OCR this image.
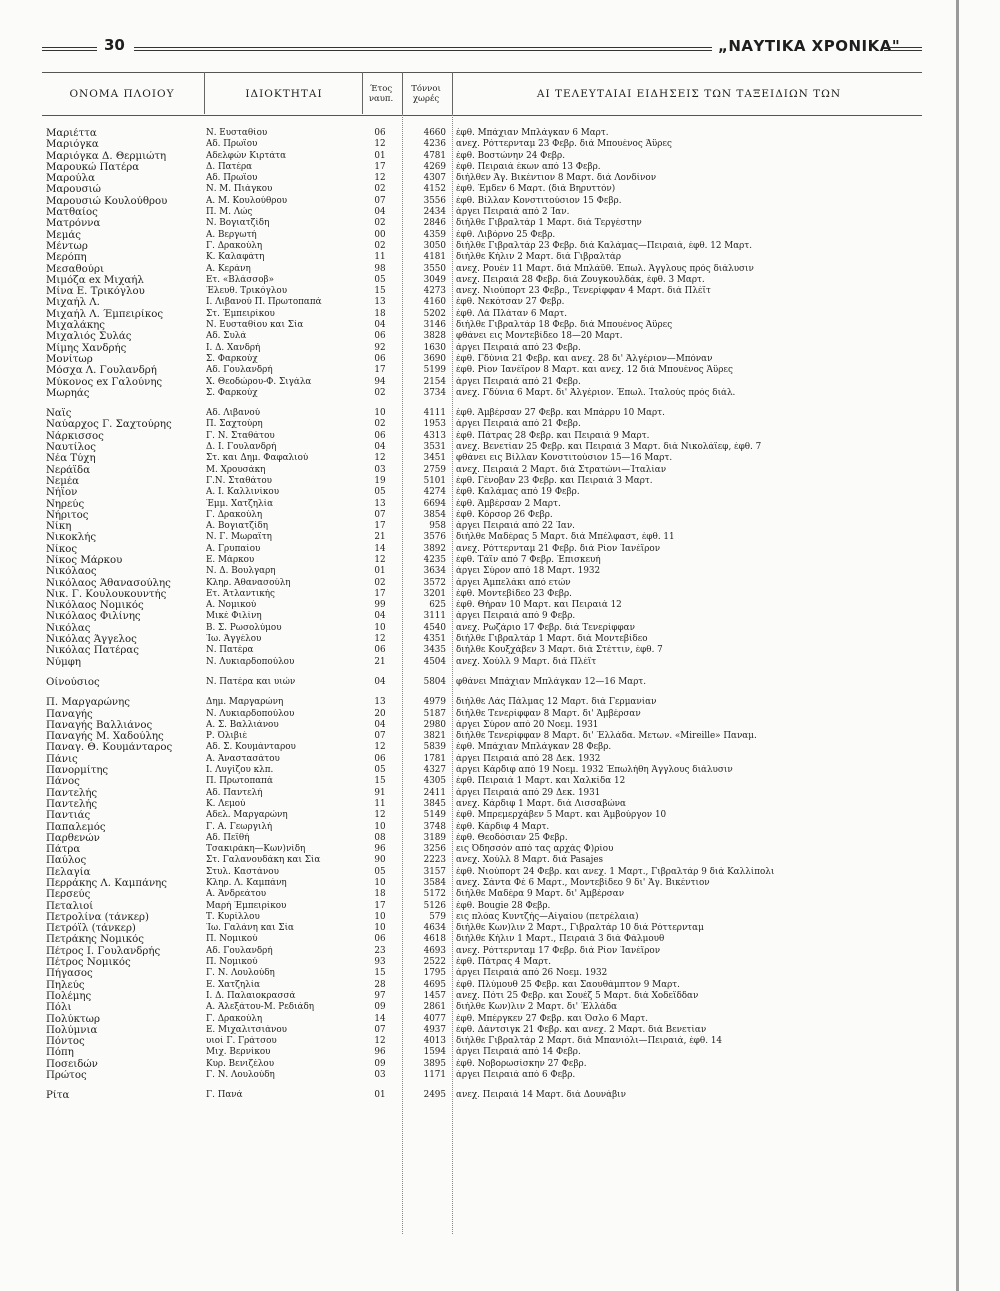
30	„ΝΑΥΤΙΚΑ ΧΡΟΝΙΚΑ"
ΟΝΟΜΑ ΠΛΟΙΟΥ	ΙΔΙΟΚΤΗΤΑΙ	Έτος
ναυπ.
Τόννοι
χωρές	ΑΙ ΤΕΛΕΥΤΑΙΑΙ ΕΙΔΗΣΕΙΣ ΤΩΝ ΤΑΞΕΙΔΙΩΝ ΤΩΝ
Μαριέττα	Ν. Ευσταθίου	06	4660 έφθ. Μπάχιαν Μπλάγκαν 6 Μαρτ.
Μαριόγκα	Αδ. Πρωΐου	12	4236 ανεχ. Ρόττερνταμ 23 Φεβρ. διά Μπουένος Άϋρες
Μαριόγκα Δ. Θερμιώτη	Αδελφών Κιρτάτα	01	4781 έφθ. Βοστώνην 24 Φεβρ.
Μαρουκώ Πατέρα	Δ. Πατέρα	17	4269 έφθ. Πειραιά έκων από 13 Φεβρ.
Μαρούλα	Αδ. Πρωΐου	12	4307 διήλθεν Άγ. Βικέντιον 8 Μαρτ. διά Λονδίνον
Μαρουσιώ	Ν. Μ. Πιάγκου	02	4152 έφθ. Έμδεν 6 Μαρτ. (διά Βηρυττόν)
Μαρουσιώ Κουλούθρου	Α. Μ. Κουλούθρου	07	3556 έφθ. Βίλλαν Κονστιτούσιον 15 Φεβρ.
Ματθαίος	Π. Μ. Λώς	04	2434 άργει Πειραιά από 2 Ίαν.
Ματρόννα	Ν. Βογιατζίδη	02	2846 διήλθε Γιβραλτάρ 1 Μαρτ. διά Τεργέστην
Μεμάς	Α. Βεργωτή	00	4359 έφθ. Λιβόρνο 25 Φεβρ.
Μέντωρ	Γ. Δρακούλη	02	3050 διήλθε Γιβραλτάρ 23 Φεβρ. διά Καλάμας—Πειραιά, έφθ. 12 Μαρτ.
Μερόπη	Κ. Καλαφάτη	11	4181 διήλθε Κήλιν 2 Μαρτ. διά Γιβραλτάρ
Μεσαθούρι	Α. Κεράνη	98	3550 ανεχ. Ρουέν 11 Μαρτ. διά Μπλάϋθ. Έπωλ. Άγγλους πρός διάλυσιν
Μιμόζα ex Μιχαήλ	Ετ. «Βλάσσοβ»	05	3049 ανεχ. Πειραιά 28 Φεβρ. διά Ζουγκουλδάκ, έφθ. 3 Μαρτ.
Μίνα Ε. Τρικόγλου	Έλευθ. Τρικόγλου	15	4273 ανεχ. Νιούπορτ 23 Φεβρ., Τενερίφφαν 4 Μαρτ. διά Πλέϊτ
Μιχαήλ Λ.	Ι. Λιβανού Π. Πρωτοπαπά	13	4160 έφθ. Νεκότσαν 27 Φεβρ.
Μιχαήλ Λ. Έμπειρίκος	Στ. Έμπειρίκου	18	5202 έφθ. Λά Πλάταν 6 Μαρτ.
Μιχαλάκης	Ν. Ευσταθίου και Σία	04	3146 διήλθε Γιβραλτάρ 18 Φεβρ. διά Μπουένος Άϋρες
Μιχαλιός Συλάς	Αδ. Συλά	06	3828 φθάνει εις Μοντεβίδεο 18—20 Μαρτ.
Μίμης Χανδρής	Ι. Δ. Χανδρή	92	1630 άργει Πειραιά από 23 Φεβρ.
Μονίτωρ	Σ. Φαρκούχ	06	3690 έφθ. Γδύνια 21 Φεβρ. και ανεχ. 28 δι' Άλγέριον—Μπόναν
Μόσχα Λ. Γουλανδρή	Αδ. Γουλανδρή	17	5199 έφθ. Ρίον Ίανέϊρον 8 Μαρτ. και ανεχ. 12 διά Μπουένος Άϋρες
Μύκονος ex Γαλούνης	Χ. Θεοδώρου-Φ. Σιγάλα	94	2154 άργει Πειραιά από 21 Φεβρ.
Μωρηάς	Σ. Φαρκούχ	02	3734 ανεχ. Γδύνια 6 Μαρτ. δι' Άλγέριον. Έπωλ. Ίταλούς πρός διάλ.
Ναΐς	Αδ. Λιβανού	10	4111 έφθ. Άμβέρσαν 27 Φεβρ. και Μπάρρυ 10 Μαρτ.
Ναύαρχος Γ. Σαχτούρης	Π. Σαχτούρη	02	1953 άργει Πειραιά από 21 Φεβρ.
Νάρκισσος	Γ. Ν. Σταθάτου	06	4313 έφθ. Πάτρας 28 Φεβρ. και Πειραιά 9 Μαρτ.
Ναυτίλος	Δ. Ι. Γουλανδρή	04	3531 ανεχ. Βενετίαν 25 Φεβρ. και Πειραιά 3 Μαρτ. διά Νικολάϊεφ, έφθ. 7
Νέα Τύχη	Στ. και Δημ. Φαφαλιού	12	3451 φθάνει εις Βίλλαν Κονστιτούσιον 15—16 Μαρτ.
Νεράϊδα	Μ. Χρουσάκη	03	2759 ανεχ. Πειραιά 2 Μαρτ. διά Στρατώνι—Ίταλίαν
Νεμέα	Γ.Ν. Σταθάτου	19	5101 έφθ. Γένοβαν 23 Φεβρ. και Πειραιά 3 Μαρτ.
Νήϊον	Α. Ι. Καλλινίκου	05	4274 έφθ. Καλάμας από 19 Φεβρ.
Νηρεύς	Έμμ. Χατζηλία	13	6694 έφθ. Άμβέρσαν 2 Μαρτ.
Νήριτος	Γ. Δρακούλη	07	3854 έφθ. Κόρσορ 26 Φεβρ.
Νίκη	Α. Βογιατζίδη	17	958 άργει Πειραιά από 22 Ίαν.
Νικοκλής	Ν. Γ. Μωραΐτη	21	3576 διήλθε Μαδέρας 5 Μαρτ. διά Μπέλφαστ, έφθ. 11
Νίκος	Α. Γρυπαίου	14	3892 ανεχ. Ρόττερνταμ 21 Φεβρ. διά Ρίον Ίανέϊρον
Νίκος Μάρκου	Ε. Μάρκου	12	4235 έφθ. Τάϊν από 7 Φεβρ. Έπισκευή
Νικόλαος	Ν. Δ. Βουλγαρη	01	3634 άργει Σύρον από 18 Μαρτ. 1932
Νικόλαος Άθανασούλης	Κληρ. Άθανασούλη	02	3572 άργει Άμπελάκι από ετών
Νικ. Γ. Κουλουκουντής	Ετ. Άτλαντικής	17	3201 έφθ. Μοντεβίδεο 23 Φεβρ.
Νικόλαος Νομικός	Α. Νομικού	99	625 έφθ. Θήραν 10 Μαρτ. και Πειραιά 12
Νικόλαος Φιλίνης	Μικέ Φιλίνη	04	3111 άργει Πειραιά από 9 Φεβρ.
Νικόλας	Β. Σ. Ρωσολύμου	10	4540 ανεχ. Ρωζάριο 17 Φεβρ. διά Τενερίφφαν
Νικόλας Άγγελος	Ίω. Άγγέλου	12	4351 διήλθε Γιβραλτάρ 1 Μαρτ. διά Μοντεβίδεο
Νικόλας Πατέρας	Ν. Πατέρα	06	3435 διήλθε Κουξχάβεν 3 Μαρτ. διά Στέττιν, έφθ. 7
Νύμφη	Ν. Λυκιαρδοπούλου	21	4504 ανεχ. Χούλλ 9 Μαρτ. διά Πλέϊτ
Οίνούσιος	Ν. Πατέρα και υιών	04	5804 φθάνει Μπάχιαν Μπλάγκαν 12—16 Μαρτ.
Π. Μαργαρώνης	Δημ. Μαργαρώνη	13	4979 διήλθε Λάς Πάλμας 12 Μαρτ. διά Γερμανίαν
Παναγής	Ν. Λυκιαρδοπούλου	20	5187 διήλθε Τενερίφφαν 8 Μαρτ. δι' Άμβέρσαν
Παναγής Βαλλιάνος	Α. Σ. Βαλλιάνου	04	2980 άργει Σύρον από 20 Νοεμ. 1931
Παναγής Μ. Χαδούλης	Ρ. Όλιβιέ	07	3821 διήλθε Τενερίφφαν 8 Μαρτ. δι' Έλλάδα. Μετων. «Mireille» Παναμ.
Παναγ. Θ. Κουμάνταρος	Αδ. Σ. Κουμάνταρου	12	5839 έφθ. Μπάχιαν Μπλάγκαν 28 Φεβρ.
Πάνις	Α. Άναστασάτου	06	1781 άργει Πειραιά από 28 Δεκ. 1932
Πανορμίτης	Ι. Λυγίζου κλπ.	05	4327 άργει Κάρδιφ από 19 Νοεμ. 1932 Έπωλήθη Άγγλους διάλυσιν
Πάνος	Π. Πρωτοπαπά	15	4305 έφθ. Πειραιά 1 Μαρτ. και Χαλκίδα 12
Παντελής	Αδ. Παντελή	91	2411 άργει Πειραιά από 29 Δεκ. 1931
Παντελής	Κ. Λεμού	11	3845 ανεχ. Κάρδιφ 1 Μαρτ. διά Λισσαβώνα
Παντιάς	Αδελ. Μαργαρώνη	12	5149 έφθ. Μπρεμερχάβεν 5 Μαρτ. και Άμβούργον 10
Παπαλεμός	Γ. Α. Γεωργιλή	10	3748 έφθ. Κάρδιφ 4 Μαρτ.
Παρθενών	Αδ. Πεϊθή	08	3189 έφθ. Θεοδόσιαν 25 Φεβρ.
Πάτρα	Τσακιράκη—Κων)νίδη	96	3256 εις Όδησσόν από τας αρχάς Φ)ρίου
Παύλος	Στ. Γαλανουδάκη και Σία	90	2223 ανεχ. Χούλλ 8 Μαρτ. διά Pasajes
Πελαγία	Στυλ. Καστάνου	05	3157 έφθ. Νιούπορτ 24 Φεβρ. και ανεχ. 1 Μαρτ., Γιβραλτάρ 9 διά Καλλίπολι
Περράκης Λ. Καμπάνης	Κληρ. Λ. Καμπάνη	10	3584 ανεχ. Σάντα Φέ 6 Μαρτ., Μοντεβίδεο 9 δι' Άγ. Βικέντιον
Περσεύς	Α. Άνδρεάτου	18	5172 διήλθε Μαδέρα 9 Μαρτ. δι' Άμβέρσαν
Πεταλιοί	Μαρή Έμπειρίκου	17	5126 έφθ. Bougie 28 Φεβρ.
Πετρολίνα (τάνκερ)	Τ. Κυρίλλου	10	579 εις πλόας Κυντζής—Αίγαίου (πετρέλαια)
Πετρόϊλ (τάνκερ)	Ίω. Γαλάνη και Σία	10	4634 διήλθε Κων)λιν 2 Μαρτ., Γιβραλτάρ 10 διά Ρόττερνταμ
Πετράκης Νομικός	Π. Νομικού	06	4618 διήλθε Κήλιν 1 Μαρτ., Πειραιά 3 διά Φάλμουθ
Πέτρος Ι. Γουλανδρής	Αδ. Γουλανδρή	23	4693 ανεχ. Ρόττερνταμ 17 Φεβρ. διά Ρίον Ίανέϊρον
Πέτρος Νομικός	Π. Νομικού	93	2522 έφθ. Πάτρας 4 Μαρτ.
Πήγασος	Γ. Ν. Λουλούδη	15	1795 άργει Πειραιά από 26 Νοεμ. 1932
Πηλεύς	Ε. Χατζηλία	28	4695 έφθ. Πλύμουθ 25 Φεβρ. και Σαουθάμπτον 9 Μαρτ.
Πολέμης	Ι. Δ. Παλαιοκρασσά	97	1457 ανεχ. Πότι 25 Φεβρ. και Σουέζ 5 Μαρτ. διά Χοδεΐδδαν
Πόλι	Α. Άλεξάτου-Μ. Ρεδιάδη	09	2861 διήλθε Κων)λιν 2 Μαρτ. δι' Έλλάδα
Πολύκτωρ	Γ. Δρακούλη	14	4077 έφθ. Μπέργκεν 27 Φεβρ. και Όσλο 6 Μαρτ.
Πολύμνια	Ε. Μιχαλιτσιάνου	07	4937 έφθ. Δάντσιγκ 21 Φεβρ. και ανεχ. 2 Μαρτ. διά Βενετίαν
Πόντος	υιοί Γ. Γράτσου	12	4013 διήλθε Γιβραλτάρ 2 Μαρτ. διά Μπανιόλι—Πειραιά, έφθ. 14
Πόπη	Μιχ. Βερνίκου	96	1594 άργει Πειραιά από 14 Φεβρ.
Ποσειδών	Κυρ. Βενιζέλου	09	3895 έφθ. Νοβορωσίσκην 27 Φεβρ.
Πρώτος	Γ. Ν. Λουλούδη	03	1171 άργει Πειραιά από 6 Φεβρ.
Ρίτα	Γ. Πανά	01	2495 ανεχ. Πειραιά 14 Μαρτ. διά Δουνάβιν
